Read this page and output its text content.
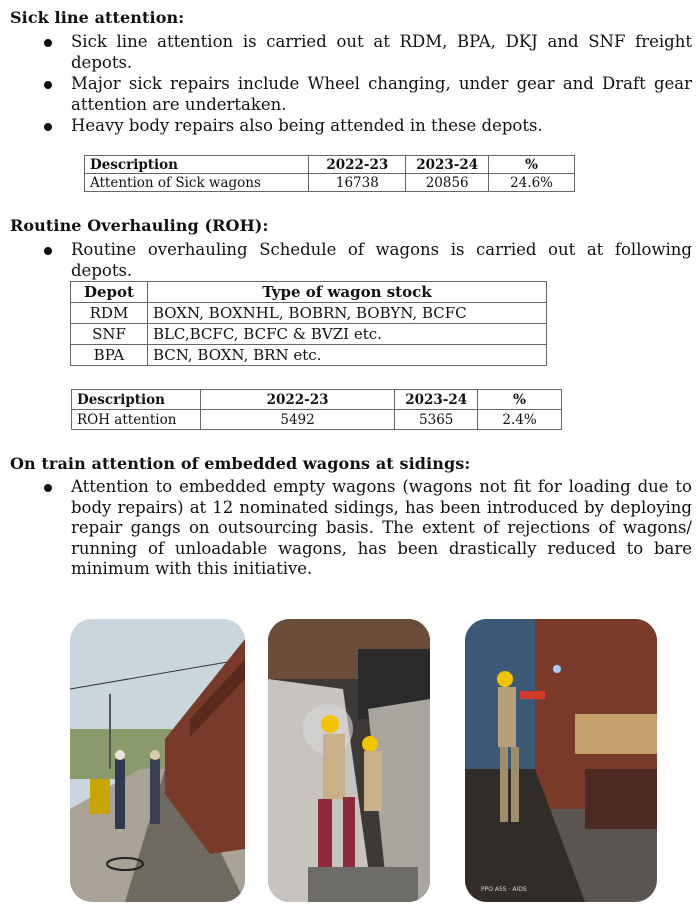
Sick line attention:

Sick line attention is carried out at RDM, BPA, DKJ and SNF freight depots.
Major sick repairs include Wheel changing, under gear and Draft gear attention are undertaken.
Heavy body repairs also being attended in these depots.
Description	2022-23	2023-24	%
Attention of Sick wagons	16738	20856	24.6%

Routine Overhauling (ROH):

Routine overhauling Schedule of wagons is carried out at following depots.
Depot	Type of wagon stock
RDM	BOXN, BOXNHL, BOBRN, BOBYN, BCFC
SNF	BLC,BCFC, BCFC & BVZI etc.
BPA	BCN, BOXN, BRN etc.
Description	2022-23	2023-24	%
ROH attention	5492	5365	2.4%

On train attention of embedded wagons at sidings:

Attention to embedded empty wagons (wagons not fit for loading due to body repairs) at 12 nominated sidings, has been introduced by deploying repair gangs on outsourcing basis. The extent of rejections of wagons/ running of unloadable wagons, has been drastically reduced to bare minimum with this initiative.
PPO A5S · AIDS
